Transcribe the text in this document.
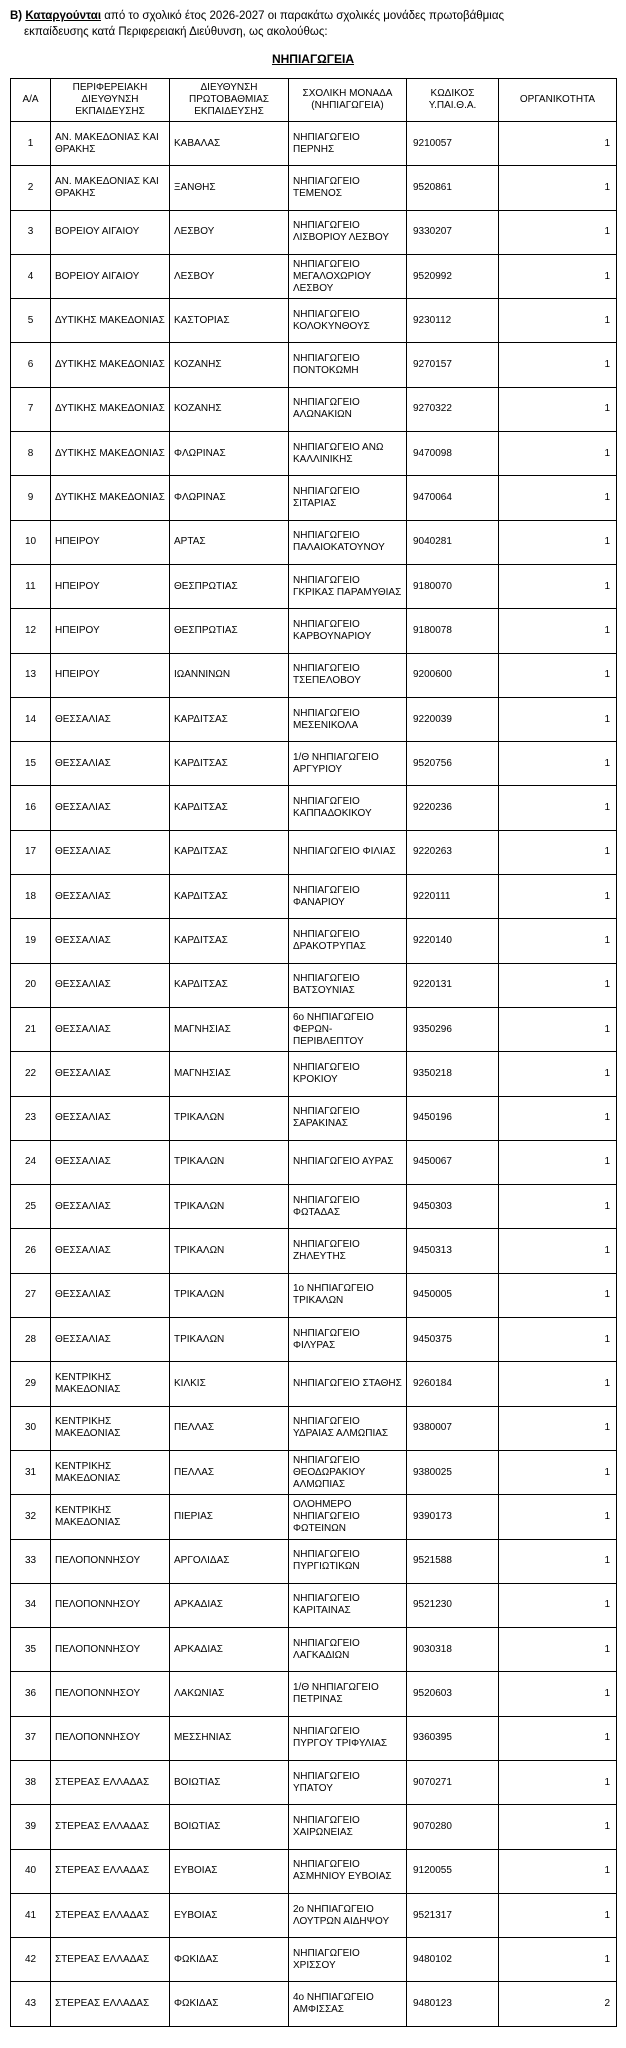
Β) Καταργούνται από το σχολικό έτος 2026-2027 οι παρακάτω σχολικές μονάδες πρωτοβάθμιας
εκπαίδευσης κατά Περιφερειακή Διεύθυνση, ως ακολούθως:
ΝΗΠΙΑΓΩΓΕΙΑ
Α/Α	ΠΕΡΙΦΕΡΕΙΑΚΗ ΔΙΕΥΘΥΝΣΗ ΕΚΠΑΙΔΕΥΣΗΣ	ΔΙΕΥΘΥΝΣΗ ΠΡΩΤΟΒΑΘΜΙΑΣ ΕΚΠΑΙΔΕΥΣΗΣ	ΣΧΟΛΙΚΗ ΜΟΝΑΔΑ (ΝΗΠΙΑΓΩΓΕΙΑ)	ΚΩΔΙΚΟΣ Υ.ΠΑΙ.Θ.Α.	ΟΡΓΑΝΙΚΟΤΗΤΑ
1	ΑΝ. ΜΑΚΕΔΟΝΙΑΣ ΚΑΙ ΘΡΑΚΗΣ	ΚΑΒΑΛΑΣ	ΝΗΠΙΑΓΩΓΕΙΟ ΠΕΡΝΗΣ	9210057	1
2	ΑΝ. ΜΑΚΕΔΟΝΙΑΣ ΚΑΙ ΘΡΑΚΗΣ	ΞΑΝΘΗΣ	ΝΗΠΙΑΓΩΓΕΙΟ ΤΕΜΕΝΟΣ	9520861	1
3	ΒΟΡΕΙΟΥ ΑΙΓΑΙΟΥ	ΛΕΣΒΟΥ	ΝΗΠΙΑΓΩΓΕΙΟ ΛΙΣΒΟΡΙΟΥ ΛΕΣΒΟΥ	9330207	1
4	ΒΟΡΕΙΟΥ ΑΙΓΑΙΟΥ	ΛΕΣΒΟΥ	ΝΗΠΙΑΓΩΓΕΙΟ ΜΕΓΑΛΟΧΩΡΙΟΥ ΛΕΣΒΟΥ	9520992	1
5	ΔΥΤΙΚΗΣ ΜΑΚΕΔΟΝΙΑΣ	ΚΑΣΤΟΡΙΑΣ	ΝΗΠΙΑΓΩΓΕΙΟ ΚΟΛΟΚΥΝΘΟΥΣ	9230112	1
6	ΔΥΤΙΚΗΣ ΜΑΚΕΔΟΝΙΑΣ	ΚΟΖΑΝΗΣ	ΝΗΠΙΑΓΩΓΕΙΟ ΠΟΝΤΟΚΩΜΗ	9270157	1
7	ΔΥΤΙΚΗΣ ΜΑΚΕΔΟΝΙΑΣ	ΚΟΖΑΝΗΣ	ΝΗΠΙΑΓΩΓΕΙΟ ΑΛΩΝΑΚΙΩΝ	9270322	1
8	ΔΥΤΙΚΗΣ ΜΑΚΕΔΟΝΙΑΣ	ΦΛΩΡΙΝΑΣ	ΝΗΠΙΑΓΩΓΕΙΟ ΑΝΩ ΚΑΛΛΙΝΙΚΗΣ	9470098	1
9	ΔΥΤΙΚΗΣ ΜΑΚΕΔΟΝΙΑΣ	ΦΛΩΡΙΝΑΣ	ΝΗΠΙΑΓΩΓΕΙΟ ΣΙΤΑΡΙΑΣ	9470064	1
10	ΗΠΕΙΡΟΥ	ΑΡΤΑΣ	ΝΗΠΙΑΓΩΓΕΙΟ ΠΑΛΑΙΟΚΑΤΟΥΝΟΥ	9040281	1
11	ΗΠΕΙΡΟΥ	ΘΕΣΠΡΩΤΙΑΣ	ΝΗΠΙΑΓΩΓΕΙΟ ΓΚΡΙΚΑΣ ΠΑΡΑΜΥΘΙΑΣ	9180070	1
12	ΗΠΕΙΡΟΥ	ΘΕΣΠΡΩΤΙΑΣ	ΝΗΠΙΑΓΩΓΕΙΟ ΚΑΡΒΟΥΝΑΡΙΟΥ	9180078	1
13	ΗΠΕΙΡΟΥ	ΙΩΑΝΝΙΝΩΝ	ΝΗΠΙΑΓΩΓΕΙΟ ΤΣΕΠΕΛΟΒΟΥ	9200600	1
14	ΘΕΣΣΑΛΙΑΣ	ΚΑΡΔΙΤΣΑΣ	ΝΗΠΙΑΓΩΓΕΙΟ ΜΕΣΕΝΙΚΟΛΑ	9220039	1
15	ΘΕΣΣΑΛΙΑΣ	ΚΑΡΔΙΤΣΑΣ	1/Θ ΝΗΠΙΑΓΩΓΕΙΟ ΑΡΓΥΡΙΟΥ	9520756	1
16	ΘΕΣΣΑΛΙΑΣ	ΚΑΡΔΙΤΣΑΣ	ΝΗΠΙΑΓΩΓΕΙΟ ΚΑΠΠΑΔΟΚΙΚΟΥ	9220236	1
17	ΘΕΣΣΑΛΙΑΣ	ΚΑΡΔΙΤΣΑΣ	ΝΗΠΙΑΓΩΓΕΙΟ ΦΙΛΙΑΣ	9220263	1
18	ΘΕΣΣΑΛΙΑΣ	ΚΑΡΔΙΤΣΑΣ	ΝΗΠΙΑΓΩΓΕΙΟ ΦΑΝΑΡΙΟΥ	9220111	1
19	ΘΕΣΣΑΛΙΑΣ	ΚΑΡΔΙΤΣΑΣ	ΝΗΠΙΑΓΩΓΕΙΟ ΔΡΑΚΟΤΡΥΠΑΣ	9220140	1
20	ΘΕΣΣΑΛΙΑΣ	ΚΑΡΔΙΤΣΑΣ	ΝΗΠΙΑΓΩΓΕΙΟ ΒΑΤΣΟΥΝΙΑΣ	9220131	1
21	ΘΕΣΣΑΛΙΑΣ	ΜΑΓΝΗΣΙΑΣ	6ο ΝΗΠΙΑΓΩΓΕΙΟ ΦΕΡΩΝ-ΠΕΡΙΒΛΕΠΤΟΥ	9350296	1
22	ΘΕΣΣΑΛΙΑΣ	ΜΑΓΝΗΣΙΑΣ	ΝΗΠΙΑΓΩΓΕΙΟ ΚΡΟΚΙΟΥ	9350218	1
23	ΘΕΣΣΑΛΙΑΣ	ΤΡΙΚΑΛΩΝ	ΝΗΠΙΑΓΩΓΕΙΟ ΣΑΡΑΚΙΝΑΣ	9450196	1
24	ΘΕΣΣΑΛΙΑΣ	ΤΡΙΚΑΛΩΝ	ΝΗΠΙΑΓΩΓΕΙΟ ΑΥΡΑΣ	9450067	1
25	ΘΕΣΣΑΛΙΑΣ	ΤΡΙΚΑΛΩΝ	ΝΗΠΙΑΓΩΓΕΙΟ ΦΩΤΑΔΑΣ	9450303	1
26	ΘΕΣΣΑΛΙΑΣ	ΤΡΙΚΑΛΩΝ	ΝΗΠΙΑΓΩΓΕΙΟ ΖΗΛΕΥΤΗΣ	9450313	1
27	ΘΕΣΣΑΛΙΑΣ	ΤΡΙΚΑΛΩΝ	1ο ΝΗΠΙΑΓΩΓΕΙΟ ΤΡΙΚΑΛΩΝ	9450005	1
28	ΘΕΣΣΑΛΙΑΣ	ΤΡΙΚΑΛΩΝ	ΝΗΠΙΑΓΩΓΕΙΟ ΦΙΛΥΡΑΣ	9450375	1
29	ΚΕΝΤΡΙΚΗΣ ΜΑΚΕΔΟΝΙΑΣ	ΚΙΛΚΙΣ	ΝΗΠΙΑΓΩΓΕΙΟ ΣΤΑΘΗΣ	9260184	1
30	ΚΕΝΤΡΙΚΗΣ ΜΑΚΕΔΟΝΙΑΣ	ΠΕΛΛΑΣ	ΝΗΠΙΑΓΩΓΕΙΟ ΥΔΡΑΙΑΣ ΑΛΜΩΠΙΑΣ	9380007	1
31	ΚΕΝΤΡΙΚΗΣ ΜΑΚΕΔΟΝΙΑΣ	ΠΕΛΛΑΣ	ΝΗΠΙΑΓΩΓΕΙΟ ΘΕΟΔΩΡΑΚΙΟΥ ΑΛΜΩΠΙΑΣ	9380025	1
32	ΚΕΝΤΡΙΚΗΣ ΜΑΚΕΔΟΝΙΑΣ	ΠΙΕΡΙΑΣ	ΟΛΟΗΜΕΡΟ ΝΗΠΙΑΓΩΓΕΙΟ ΦΩΤΕΙΝΩΝ	9390173	1
33	ΠΕΛΟΠΟΝΝΗΣΟΥ	ΑΡΓΟΛΙΔΑΣ	ΝΗΠΙΑΓΩΓΕΙΟ ΠΥΡΓΙΩΤΙΚΩΝ	9521588	1
34	ΠΕΛΟΠΟΝΝΗΣΟΥ	ΑΡΚΑΔΙΑΣ	ΝΗΠΙΑΓΩΓΕΙΟ ΚΑΡΙΤΑΙΝΑΣ	9521230	1
35	ΠΕΛΟΠΟΝΝΗΣΟΥ	ΑΡΚΑΔΙΑΣ	ΝΗΠΙΑΓΩΓΕΙΟ ΛΑΓΚΑΔΙΩΝ	9030318	1
36	ΠΕΛΟΠΟΝΝΗΣΟΥ	ΛΑΚΩΝΙΑΣ	1/Θ ΝΗΠΙΑΓΩΓΕΙΟ ΠΕΤΡΙΝΑΣ	9520603	1
37	ΠΕΛΟΠΟΝΝΗΣΟΥ	ΜΕΣΣΗΝΙΑΣ	ΝΗΠΙΑΓΩΓΕΙΟ ΠΥΡΓΟΥ ΤΡΙΦΥΛΙΑΣ	9360395	1
38	ΣΤΕΡΕΑΣ ΕΛΛΑΔΑΣ	ΒΟΙΩΤΙΑΣ	ΝΗΠΙΑΓΩΓΕΙΟ ΥΠΑΤΟΥ	9070271	1
39	ΣΤΕΡΕΑΣ ΕΛΛΑΔΑΣ	ΒΟΙΩΤΙΑΣ	ΝΗΠΙΑΓΩΓΕΙΟ ΧΑΙΡΩΝΕΙΑΣ	9070280	1
40	ΣΤΕΡΕΑΣ ΕΛΛΑΔΑΣ	ΕΥΒΟΙΑΣ	ΝΗΠΙΑΓΩΓΕΙΟ ΑΣΜΗΝΙΟΥ ΕΥΒΟΙΑΣ	9120055	1
41	ΣΤΕΡΕΑΣ ΕΛΛΑΔΑΣ	ΕΥΒΟΙΑΣ	2ο ΝΗΠΙΑΓΩΓΕΙΟ ΛΟΥΤΡΩΝ ΑΙΔΗΨΟΥ	9521317	1
42	ΣΤΕΡΕΑΣ ΕΛΛΑΔΑΣ	ΦΩΚΙΔΑΣ	ΝΗΠΙΑΓΩΓΕΙΟ ΧΡΙΣΣΟΥ	9480102	1
43	ΣΤΕΡΕΑΣ ΕΛΛΑΔΑΣ	ΦΩΚΙΔΑΣ	4ο ΝΗΠΙΑΓΩΓΕΙΟ ΑΜΦΙΣΣΑΣ	9480123	2
